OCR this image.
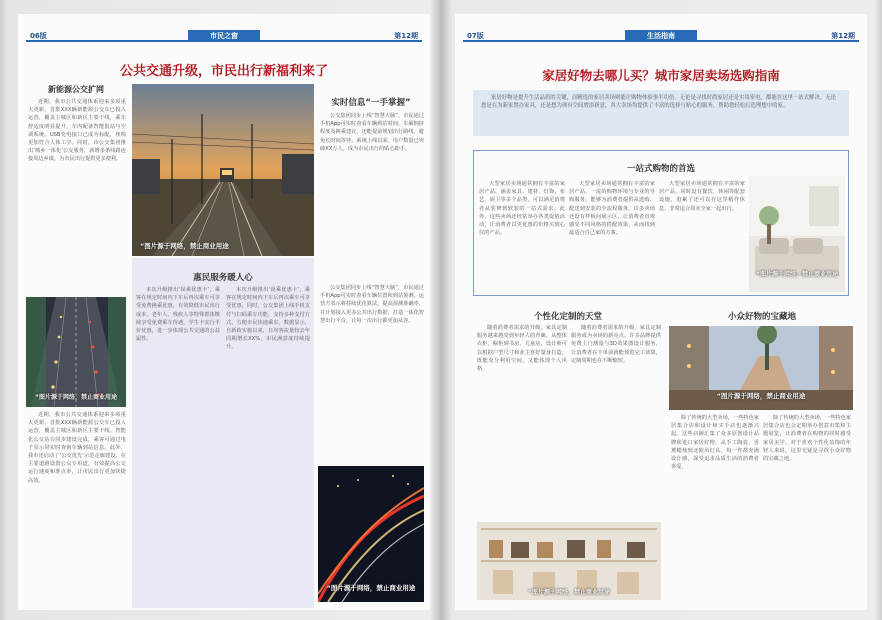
06版	市民之窗	第12期
公共交通升级，市民出行新福利来了
新能源公交扩网
近期，我市公共交通体系迎来多项重大更新。首批XXX辆新能源公交车已投入运营，覆盖主城区和新区主要干线，乘车舒适度明显提升，车内配备智能报站与空调系统。USB充电接口已成为标配，座椅更加符合人体工学。同时，市公交集团推出‘城乡一体化’公交服务，新增多条线路连接周边乡镇，为市民出行提供更多便利。
“图片源于网络，禁止商业用途
近期，我市公共交通体系迎来多项重大更新。首批XXX辆新能源公交车已投入运营，覆盖主城区和新区主要干线。智能化公交站台同步建设完成，乘客可通过电子显示屏实时查询车辆到站信息。此外，我市还启动了‘公交优先’示范走廊建设，在主要道路设置公交专用道，有效提高公交运行速度和准点率，让市民出行更加快捷高效。
“图片源于网络，禁止商业用途
惠民服务暖人心
本次升级推出‘误乘优惠卡’，乘客在规定时间内下车后再次乘车可享受免费换乘优惠，有效降低市民出行成本。老年人、残疾人等特殊群体继续享受免费乘车待遇，学生卡实行半价优惠，进一步体现公共交通的公益属性。
本次升级推出‘误乘优惠卡’，乘客在规定时间内下车后再次乘车可享受优惠。同时，公交集团上线手机支付与扫码乘车功能，支持多种支付方式，方便市民快速乘车。数据显示，自新政实施以来，日均客流量较去年同期增长XX%，市民满意度持续提升。
实时信息“一手掌握”
公交集团同步上线“智慧大脑”，市民通过手机App可实时查看车辆到站时间、车厢拥挤程度及换乘建议，还能提前规划出行路线，避免长时间等待。系统上线以来，用户数量已突破XX万人，成为市民出行的贴心助手。
公交集团同步上线“智慧大脑”，市民通过手机App可实时查看车辆位置和到站预测。运营方表示将持续优化算法，提高预测准确率，并计划接入更多公共出行数据，打造一体化智慧出行平台，让每一次出行都更加从容。
“图片源于网络，禁止商业用途
07版	生活指南	第12期
家居好物去哪儿买？城市家居卖场选购指南
家居好物是提升生活品质的关键，而精选的家居卖场则能让购物体验事半功倍。无论是寻找时尚家居还是实用家电，都能在这里一站式解决。无论您是在为新家置办家具，还是想为现有空间增添新意，各大卖场均提供了丰富的选择与贴心的服务，帮助您轻松打造理想中的家。
一站式购物的首选
大型家居卖场通常拥有丰富的家居产品，涵盖家具、建材、灯饰、布艺、厨卫等多个品类，可以满足消费者从装修到软装的一站式需求。此外，这些卖场还经常举办各类促销活动，让消费者以更优惠的价格买到心仪的产品。
大型家居卖场通常拥有丰富的家居产品，一流的购物环境与专业的导购服务，能够为消费者提供从选购、配送到安装的全流程服务。许多卖场还设有样板间展示区，让消费者直观感受不同风格的搭配效果，从而找到最适合自己家的方案。
大型家居卖场通常拥有丰富的家居产品，同时设有餐饮、休闲等配套设施，逛累了还可以在这里稍作休息，非常适合周末全家一起出行。
“图片源于网络，禁止商业用途
个性化定制的天堂
随着消费者需求的升级，家具定制服务越来越受到年轻人的青睐。从整体衣柜、橱柜到书房、儿童房，设计师可以根据户型尺寸和业主喜好量身打造，既能充分利用空间，又能体现个人风格。
随着消费者需求的升级，家具定制服务成为卖场的新亮点。许多品牌提供免费上门测量与3D效果图设计服务，让消费者在下单前就能预览完工效果，定制周期也在不断缩短。
“图片源于网络，禁止商业用途
小众好物的宝藏地
“图片源于网络，禁止商业用途
除了传统的大型卖场，一些特色家居集合店和设计师买手店也逐渐兴起。这些店铺汇集了众多原创设计品牌和进口家居好物，从手工陶瓷、香薰蜡烛到北欧风灯具，每一件都充满设计感，深受追求品质生活的消费者喜爱。
除了传统的大型卖场，一些特色家居集合店也会定期举办创意市集和主题展览，让消费者在购物的同时感受家居美学。对于喜欢个性化装饰的年轻人来说，这里无疑是寻找小众好物的宝藏之地。
